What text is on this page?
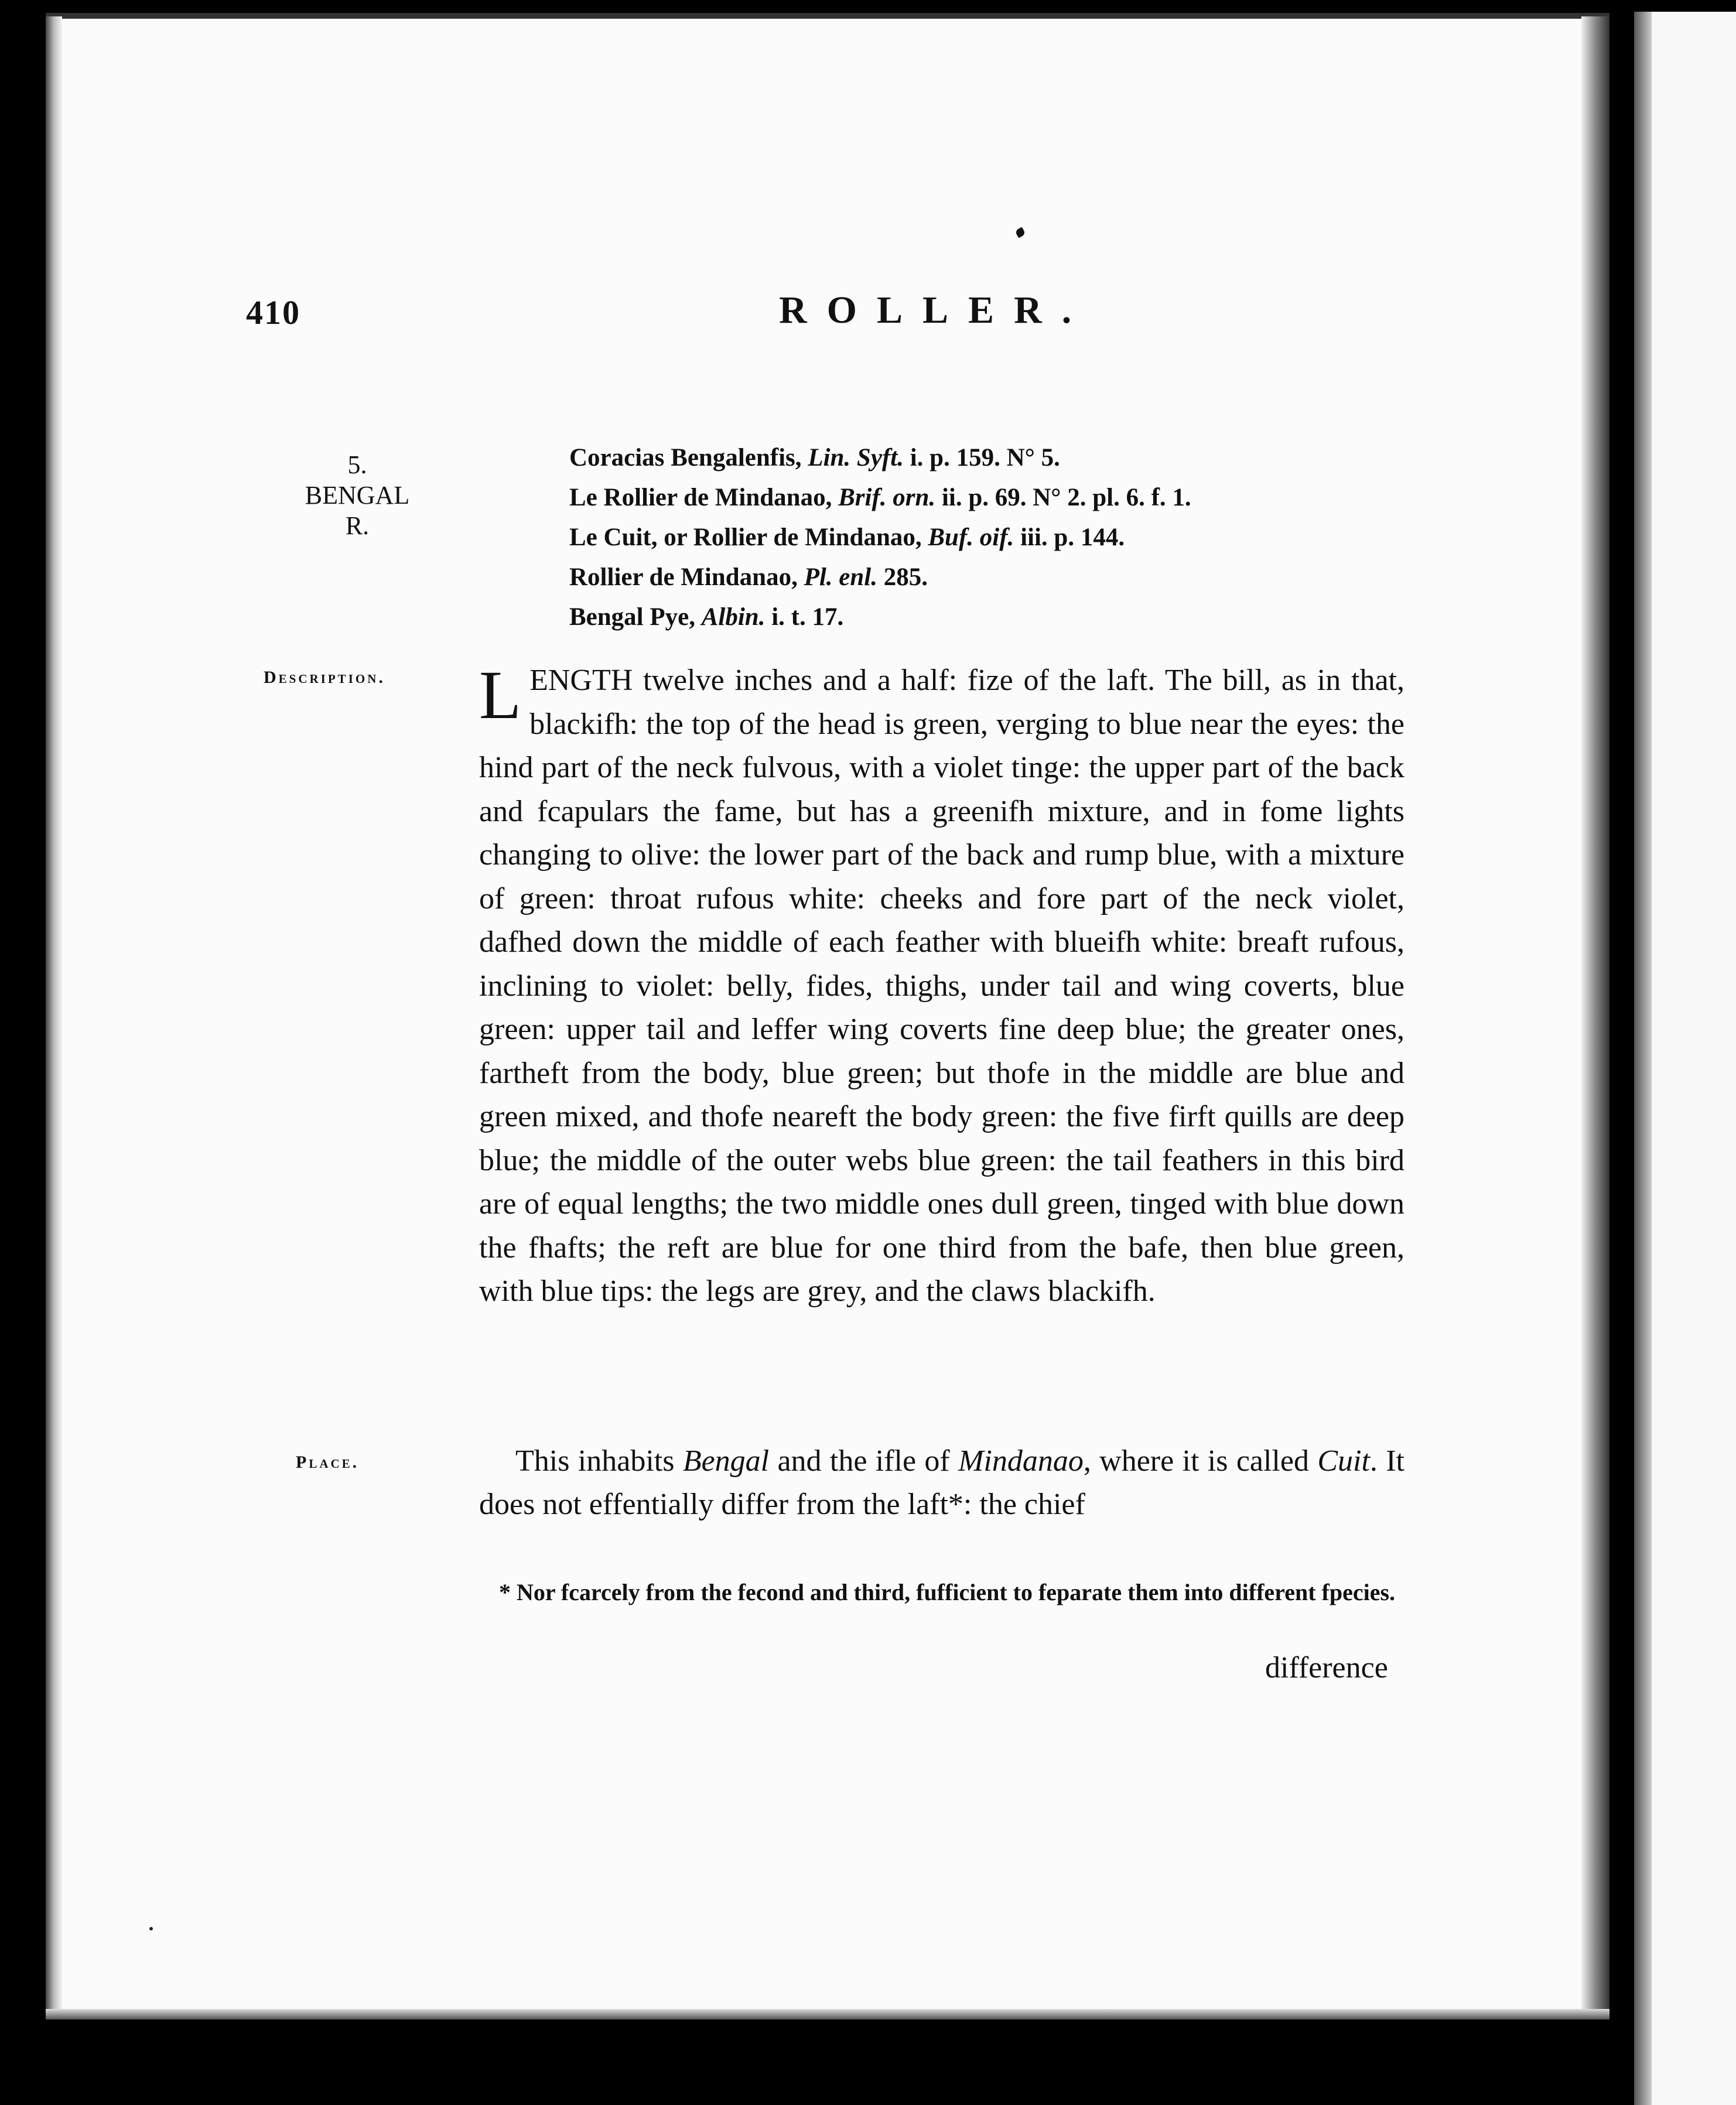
410	ROLLER.
5.
BENGAL
R.
Description.
Place.
Coracias Bengalenfis, Lin. Syft. i. p. 159. N° 5.
Le Rollier de Mindanao, Brif. orn. ii. p. 69. N° 2. pl. 6. f. 1.
Le Cuit, or Rollier de Mindanao, Buf. oif. iii. p. 144.
Rollier de Mindanao, Pl. enl. 285.
Bengal Pye, Albin. i. t. 17.
LENGTH twelve inches and a half: fize of the laft. The bill, as in that, blackifh: the top of the head is green, verging to blue near the eyes: the hind part of the neck fulvous, with a violet tinge: the upper part of the back and fcapulars the fame, but has a greenifh mixture, and in fome lights changing to olive: the lower part of the back and rump blue, with a mixture of green: throat rufous white: cheeks and fore part of the neck violet, dafhed down the middle of each feather with blueifh white: breaft rufous, inclining to violet: belly, fides, thighs, under tail and wing coverts, blue green: upper tail and leffer wing coverts fine deep blue; the greater ones, fartheft from the body, blue green; but thofe in the middle are blue and green mixed, and thofe neareft the body green: the five firft quills are deep blue; the middle of the outer webs blue green: the tail feathers in this bird are of equal lengths; the two middle ones dull green, tinged with blue down the fhafts; the reft are blue for one third from the bafe, then blue green, with blue tips: the legs are grey, and the claws blackifh.
This inhabits Bengal and the ifle of Mindanao, where it is called Cuit. It does not effentially differ from the laft*: the chief
* Nor fcarcely from the fecond and third, fufficient to feparate them into different fpecies.
difference
